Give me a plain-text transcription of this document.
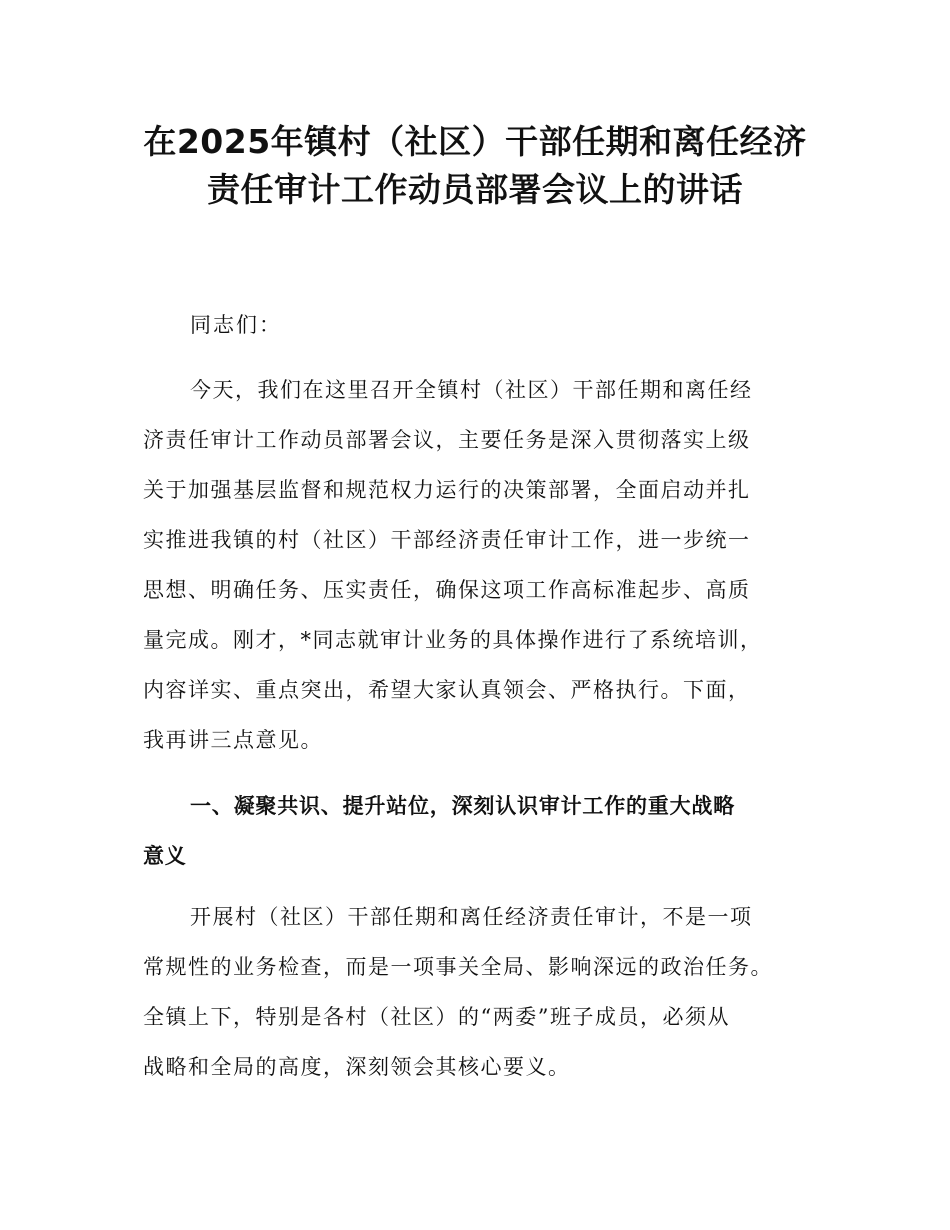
在2025年镇村（社区）干部任期和离任经济
责任审计工作动员部署会议上的讲话
同志们：
今天，我们在这里召开全镇村（社区）干部任期和离任经
济责任审计工作动员部署会议，主要任务是深入贯彻落实上级
关于加强基层监督和规范权力运行的决策部署，全面启动并扎
实推进我镇的村（社区）干部经济责任审计工作，进一步统一
思想、明确任务、压实责任，确保这项工作高标准起步、高质
量完成。刚才，*同志就审计业务的具体操作进行了系统培训，
内容详实、重点突出，希望大家认真领会、严格执行。下面，
我再讲三点意见。
一、凝聚共识、提升站位，深刻认识审计工作的重大战略
意义
开展村（社区）干部任期和离任经济责任审计，不是一项
常规性的业务检查，而是一项事关全局、影响深远的政治任务。
全镇上下，特别是各村（社区）的“两委”班子成员，必须从
战略和全局的高度，深刻领会其核心要义。
